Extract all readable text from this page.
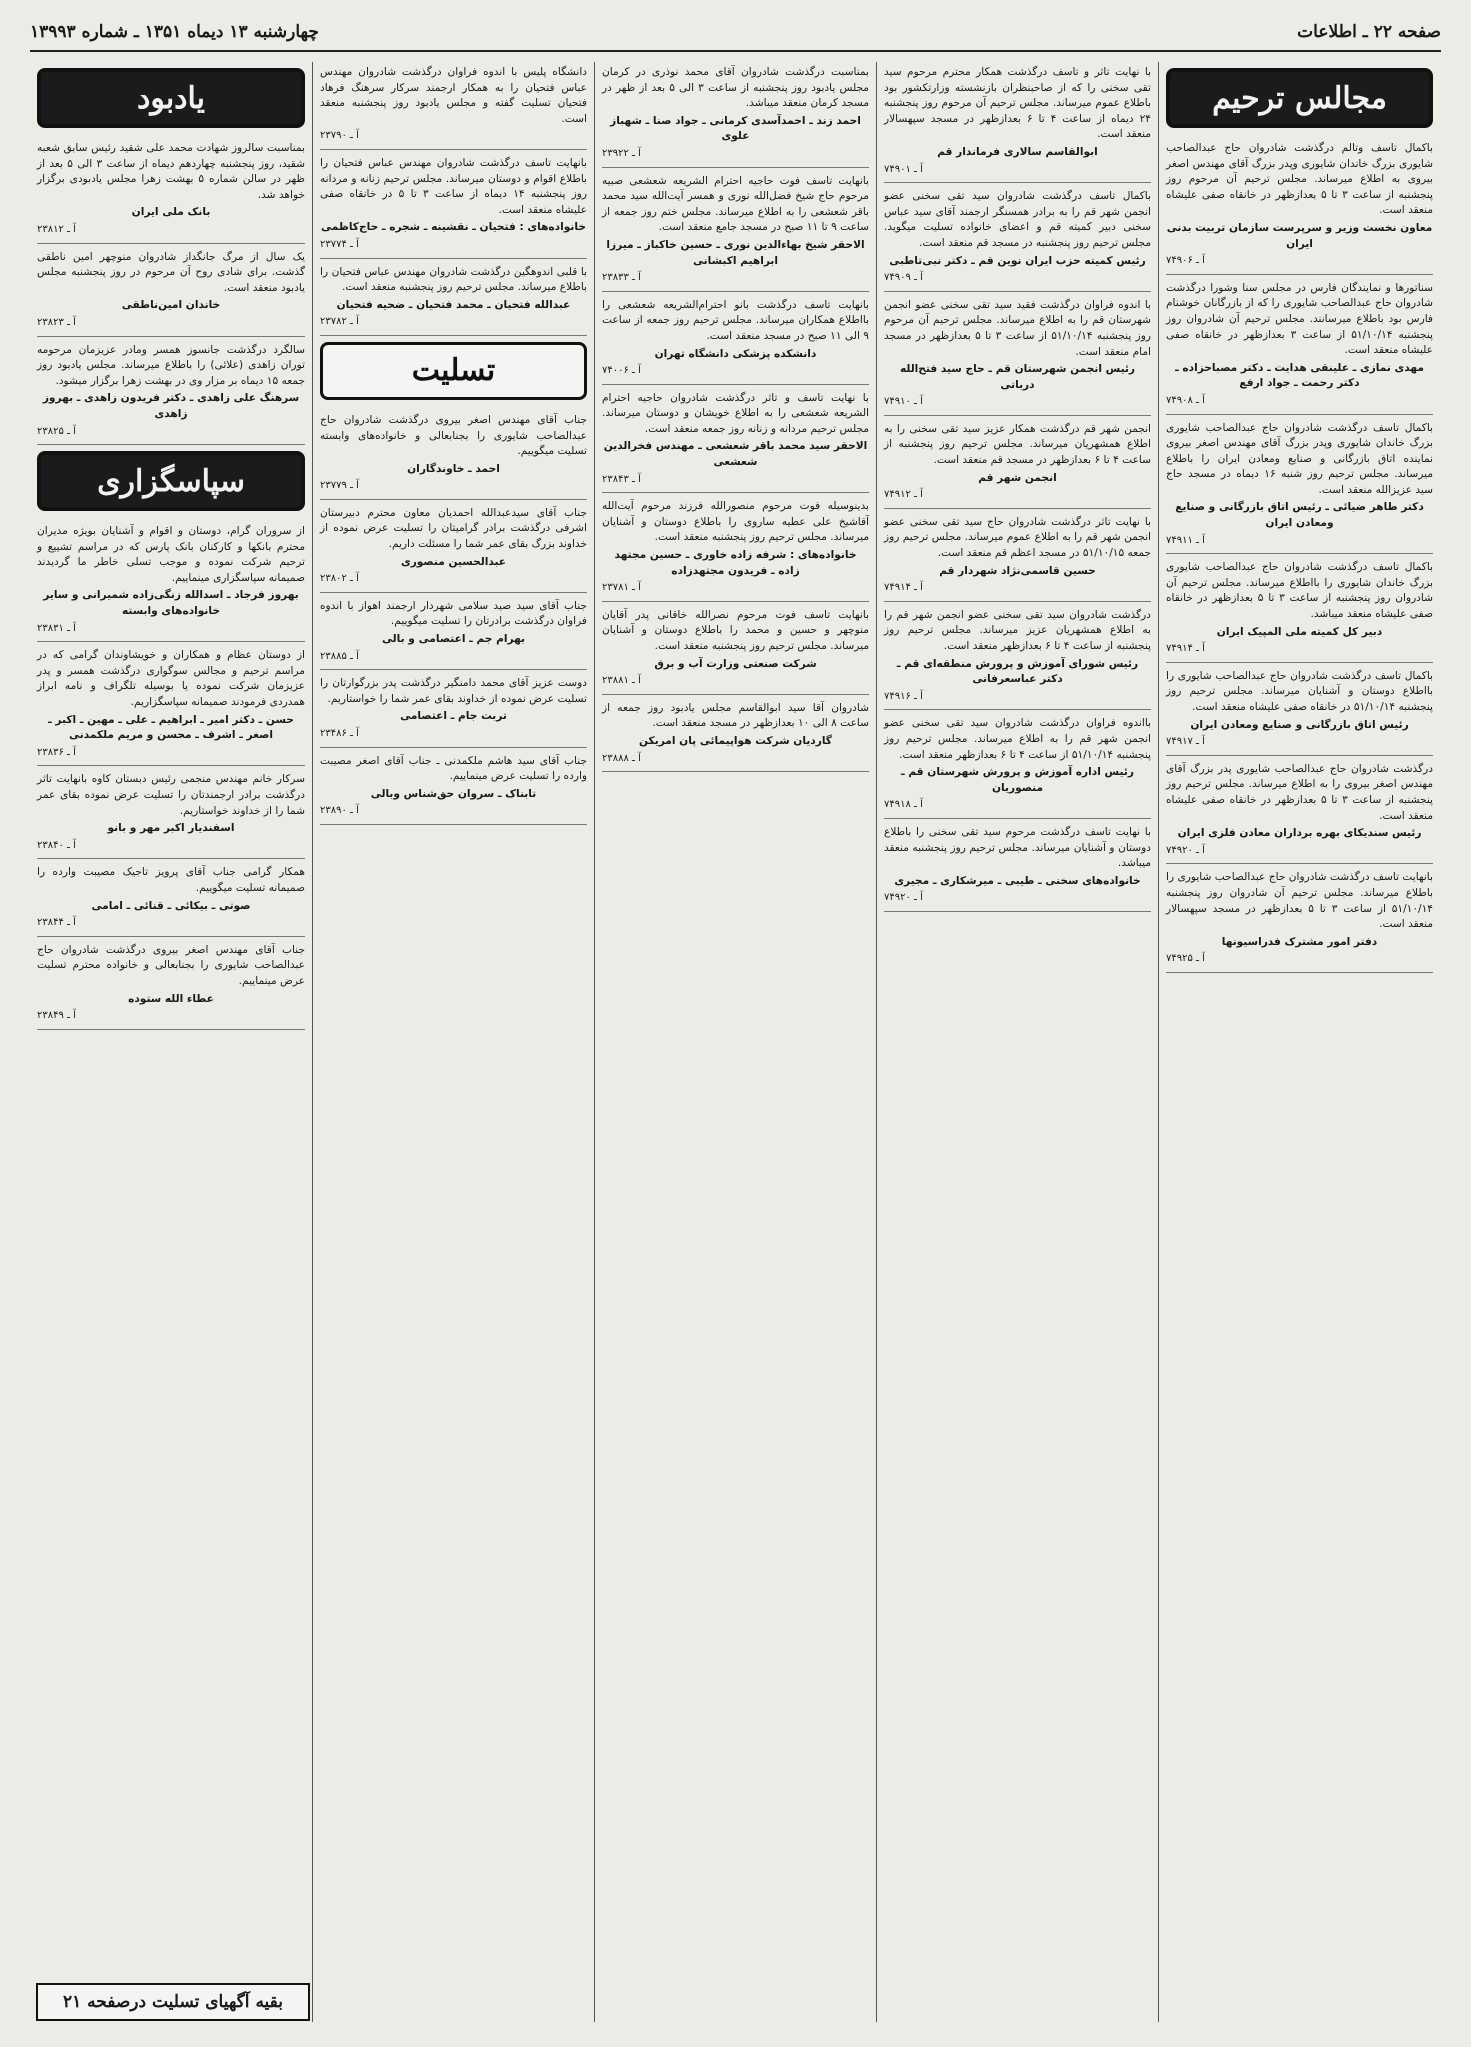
صفحه ۲۲ ـ اطلاعات
چهارشنبه ۱۳ دیماه ۱۳۵۱ ـ شماره ۱۳۹۹۳
مجالس ترحیم
باکمال تاسف وتالم درگذشت شادروان حاج عبدالصاحب شایوری بزرگ خاندان شایوری وپدر بزرگ آقای مهندس اصغر بیروی به اطلاع میرساند. مجلس ترحیم آن مرحوم روز پنجشنبه از ساعت ۳ تا ۵ بعدازظهر در خانقاه صفی علیشاه منعقد است.
معاون نخست وزیر و سرپرست سازمان تربیت بدنی ایران
آ ـ ۷۴۹۰۶
سناتورها و نمایندگان فارس در مجلس سنا وشورا درگذشت شادروان حاج عبدالصاحب شایوری را که از بازرگانان خوشنام فارس بود باطلاع میرسانند. مجلس ترحیم آن شادروان روز پنجشنبه ۵۱/۱۰/۱۴ از ساعت ۳ بعدازظهر در خانقاه صفی علیشاه منعقد است.
مهدی نمازی ـ علینقی هدایت ـ دکتر مصباحزاده ـ دکتر رحمت ـ جواد ارفع
آ ـ ۷۴۹۰۸
باکمال تاسف درگذشت شادروان حاج عبدالصاحب شایوری بزرگ خاندان شایوری وپدر بزرگ آقای مهندس اصغر بیروی نماینده اتاق بازرگانی و صنایع ومعادن ایران را باطلاع میرساند. مجلس ترحیم روز شنبه ۱۶ دیماه در مسجد حاج سید عزیزالله منعقد است.
دکتر طاهر ضیائی ـ رئیس اتاق بازرگانی و صنایع ومعادن ایران
آ ـ ۷۴۹۱۱
باکمال تاسف درگذشت شادروان حاج عبدالصاحب شایوری بزرگ خاندان شایوری را بااطلاع میرساند. مجلس ترحیم آن شادروان روز پنجشنبه از ساعت ۳ تا ۵ بعدازظهر در خانقاه صفی علیشاه منعقد میباشد.
دبیر کل کمیته ملی المپیک ایران
آ ـ ۷۴۹۱۴
باکمال تاسف درگذشت شادروان حاج عبدالصاحب شایوری را بااطلاع دوستان و آشنایان میرساند. مجلس ترحیم روز پنجشنبه ۵۱/۱۰/۱۴ در خانقاه صفی علیشاه منعقد است.
رئیس اتاق بازرگانی و صنایع ومعادن ایران
آ ـ ۷۴۹۱۷
درگذشت شادروان حاج عبدالصاحب شایوری پدر بزرگ آقای مهندس اصغر بیروی را به اطلاع میرساند. مجلس ترحیم روز پنجشنبه از ساعت ۳ تا ۵ بعدازظهر در خانقاه صفی علیشاه منعقد است.
رئیس سندیکای بهره برداران معادن فلزی ایران
آ ـ ۷۴۹۲۰
بانهایت تاسف درگذشت شادروان حاج عبدالصاحب شایوری را باطلاع میرساند. مجلس ترحیم آن شادروان روز پنجشنبه ۵۱/۱۰/۱۴ از ساعت ۳ تا ۵ بعدازظهر در مسجد سپهسالار منعقد است.
دفتر امور مشترک فدراسیونها
آ ـ ۷۴۹۲۵
با نهایت تاثر و تاسف درگذشت همکار محترم مرحوم سید تقی سخنی را که از صاحبنظران بازنشسته وزارتکشور بود باطلاع عموم میرساند. مجلس ترحیم آن مرحوم روز پنجشنبه ۲۴ دیماه از ساعت ۴ تا ۶ بعدازظهر در مسجد سپهسالار منعقد است.
ابوالقاسم سالاری فرماندار قم
آ ـ ۷۴۹۰۱
باکمال تاسف درگذشت شادروان سید تقی سخنی عضو انجمن شهر قم را به برادر همسنگر ارجمند آقای سید عباس سخنی دبیر کمیته قم و اعضای خانواده تسلیت میگوید. مجلس ترحیم روز پنجشنبه در مسجد قم منعقد است.
رئیس کمیته حزب ایران نوین قم ـ دکتر نبی‌تاطبی
آ ـ ۷۴۹۰۹
با اندوه فراوان درگذشت فقید سید تقی سخنی عضو انجمن شهرستان قم را به اطلاع میرساند. مجلس ترحیم آن مرحوم روز پنجشنبه ۵۱/۱۰/۱۴ از ساعت ۳ تا ۵ بعدازظهر در مسجد امام منعقد است.
رئیس انجمن شهرستان قم ـ حاج سید فتح‌الله درباتی
آ ـ ۷۴۹۱۰
انجمن شهر قم درگذشت همکار عزیز سید تقی سخنی را به اطلاع همشهریان میرساند. مجلس ترحیم روز پنجشنبه از ساعت ۴ تا ۶ بعدازظهر در مسجد قم منعقد است.
انجمن شهر قم
آ ـ ۷۴۹۱۲
با نهایت تاثر درگذشت شادروان حاج سید تقی سخنی عضو انجمن شهر قم را به اطلاع عموم میرساند. مجلس ترحیم روز جمعه ۵۱/۱۰/۱۵ در مسجد اعظم قم منعقد است.
حسین قاسمی‌نژاد شهردار قم
آ ـ ۷۴۹۱۴
درگذشت شادروان سید تقی سخنی عضو انجمن شهر قم را به اطلاع همشهریان عزیز میرساند. مجلس ترحیم روز پنجشنبه از ساعت ۴ تا ۶ بعدازظهر منعقد است.
رئیس شورای آموزش و پرورش منطقه‌ای قم ـ دکتر عباسعرفانی
آ ـ ۷۴۹۱۶
بااندوه فراوان درگذشت شادروان سید تقی سخنی عضو انجمن شهر قم را به اطلاع میرساند. مجلس ترحیم روز پنجشنبه ۵۱/۱۰/۱۴ از ساعت ۴ تا ۶ بعدازظهر منعقد است.
رئیس اداره آموزش و پرورش شهرستان قم ـ منصوریان
آ ـ ۷۴۹۱۸
با نهایت تاسف درگذشت مرحوم سید تقی سخنی را باطلاع دوستان و آشنایان میرساند. مجلس ترحیم روز پنجشنبه منعقد میباشد.
خانواده‌های سخنی ـ طیبی ـ میرشکاری ـ مجیری
آ ـ ۷۴۹۲۰
بمناسبت درگذشت شادروان آقای محمد نوذری در کرمان مجلس یادبود روز پنجشنبه از ساعت ۳ الی ۵ بعد از ظهر در مسجد کرمان منعقد میباشد.
احمد زند ـ احمدآسدی کرمانی ـ جواد صنا ـ شهباز علوی
آ ـ ۲۳۹۲۲
بانهایت تاسف فوت حاجیه احترام الشریعه شعشعی صبیه مرحوم حاج شیخ فضل‌الله نوری و همسر آیت‌الله سید محمد باقر شعشعی را به اطلاع میرساند. مجلس ختم روز جمعه از ساعت ۹ تا ۱۱ صبح در مسجد جامع منعقد است.
الاحقر شیخ بهاءالدین نوری ـ حسین خاکباز ـ میرزا ابراهیم اکبشانی
آ ـ ۲۳۸۳۳
بانهایت تاسف درگذشت بانو احترام‌الشریعه شعشعی را بااطلاع همکاران میرساند. مجلس ترحیم روز جمعه از ساعت ۹ الی ۱۱ صبح در مسجد منعقد است.
دانشکده پزشکی دانشگاه تهران
آ ـ ۷۴۰۰۶
با نهایت تاسف و تاثر درگذشت شادروان حاجیه احترام الشریعه شعشعی را به اطلاع خویشان و دوستان میرساند. مجلس ترحیم مردانه و زنانه روز جمعه منعقد است.
الاحقر سید محمد باقر شعشعی ـ مهندس فخرالدین شعشعی
آ ـ ۲۳۸۴۳
بدینوسیله فوت مرحوم منصورالله فرزند مرحوم آیت‌الله آقاشیخ علی عطیه ساروی را باطلاع دوستان و آشنایان میرساند. مجلس ترحیم روز پنجشنبه منعقد است.
خانواده‌های : شرفه زاده خاوری ـ حسین مجتهد زاده ـ فریدون مجتهدزاده
آ ـ ۲۳۷۸۱
بانهایت تاسف فوت مرحوم نصرالله خاقانی پدر آقایان منوچهر و حسین و محمد را باطلاع دوستان و آشنایان میرساند. مجلس ترحیم روز پنجشنبه منعقد است.
شرکت صنعتی وزارت آب و برق
آ ـ ۲۳۸۸۱
شادروان آقا سید ابوالقاسم مجلس یادبود روز جمعه از ساعت ۸ الی ۱۰ بعدازظهر در مسجد منعقد است.
گاردیان شرکت هواپیمائی پان امریکن
آ ـ ۲۳۸۸۸
دانشگاه پلیس با اندوه فراوان درگذشت شادروان مهندس عباس فتحیان را به همکار ارجمند سرکار سرهنگ فرهاد فتحیان تسلیت گفته و مجلس یادبود روز پنجشنبه منعقد است.
آ ـ ۲۳۷۹۰
بانهایت تاسف درگذشت شادروان مهندس عباس فتحیان را باطلاع اقوام و دوستان میرساند. مجلس ترحیم زنانه و مردانه روز پنجشنبه ۱۴ دیماه از ساعت ۳ تا ۵ در خانقاه صفی علیشاه منعقد است.
خانواده‌های : فتحیان ـ نقشینه ـ شجره ـ حاج‌کاظمی
آ ـ ۲۳۷۷۴
با قلبی اندوهگین درگذشت شادروان مهندس عباس فتحیان را باطلاع میرساند. مجلس ترحیم روز پنجشنبه منعقد است.
عبدالله فتحیان ـ محمد فتحیان ـ ضحیه فتحیان
آ ـ ۲۳۷۸۲
تسلیت
جناب آقای مهندس اصغر بیروی درگذشت شادروان حاج عبدالصاحب شایوری را بجنابعالی و خانواده‌های وابسته تسلیت میگوییم.
احمد ـ خاوندگاران
آ ـ ۲۳۷۷۹
جناب آقای سیدعبدالله احمدیان معاون محترم دبیرستان اشرفی درگذشت برادر گرامیتان را تسلیت عرض نموده از خداوند بزرگ بقای عمر شما را مسئلت داریم.
عبدالحسین منصوری
آ ـ ۲۳۸۰۲
جناب آقای سید صید سلامی شهردار ارجمند اهواز با اندوه فراوان درگذشت برادرتان را تسلیت میگوییم.
بهرام جم ـ اعتصامی و بالی
آ ـ ۲۳۸۸۵
دوست عزیز آقای محمد دامنگیر درگذشت پدر بزرگوارتان را تسلیت عرض نموده از خداوند بقای عمر شما را خواستاریم.
تربت جام ـ اعتصامی
آ ـ ۲۳۴۸۶
جناب آقای سید هاشم ملکمدنی ـ جناب آقای اصغر مصیبت وارده را تسلیت عرض مینماییم.
تابناک ـ سروان حق‌شناس وبالی
آ ـ ۲۳۸۹۰
یادبود
بمناسبت سالروز شهادت محمد علی شقید رئیس سابق شعبه شقید، روز پنجشنبه چهاردهم دیماه از ساعت ۳ الی ۵ بعد از ظهر در سالن شماره ۵ بهشت زهرا مجلس یادبودی برگزار خواهد شد.
بانک ملی ایران
آ ـ ۲۳۸۱۲
یک سال از مرگ جانگداز شادروان منوچهر امین ناطقی گذشت. برای شادی روح آن مرحوم در روز پنجشنبه مجلس یادبود منعقد است.
خاندان امین‌ناطقی
آ ـ ۲۳۸۲۳
سالگرد درگذشت جانسوز همسر ومادر عزیزمان مرحومه توران زاهدی (علائی) را باطلاع میرساند. مجلس یادبود روز جمعه ۱۵ دیماه بر مزار وی در بهشت زهرا برگزار میشود.
سرهنگ علی زاهدی ـ دکتر فریدون زاهدی ـ بهروز زاهدی
آ ـ ۲۳۸۲۵
سپاسگزاری
از سروران گرام، دوستان و اقوام و آشنایان بویژه مدیران محترم بانکها و کارکنان بانک پارس که در مراسم تشییع و ترحیم شرکت نموده و موجب تسلی خاطر ما گردیدند صمیمانه سپاسگزاری مینماییم.
بهروز فرجاد ـ اسدالله زنگی‌زاده شمیرانی و سایر خانواده‌های وابسته
آ ـ ۲۳۸۳۱
از دوستان عظام و همکاران و خویشاوندان گرامی که در مراسم ترحیم و مجالس سوگواری درگذشت همسر و پدر عزیزمان شرکت نموده یا بوسیله تلگراف و نامه ابراز همدردی فرمودند صمیمانه سپاسگزاریم.
حسن ـ دکتر امیر ـ ابراهیم ـ علی ـ مهین ـ اکبر ـ اصغر ـ اشرف ـ محسن و مریم ملکمدنی
آ ـ ۲۳۸۳۶
سرکار خانم مهندس منجمی رئیس دبستان کاوه بانهایت تاثر درگذشت برادر ارجمندتان را تسلیت عرض نموده بقای عمر شما را از خداوند خواستاریم.
اسفندیار اکبر مهر و بانو
آ ـ ۲۳۸۴۰
همکار گرامی جناب آقای پرویز تاجیک مصیبت وارده را صمیمانه تسلیت میگوییم.
صوتی ـ بیکائی ـ قنائی ـ امامی
آ ـ ۲۳۸۴۴
جناب آقای مهندس اصغر بیروی درگذشت شادروان حاج عبدالصاحب شایوری را بجنابعالی و خانواده محترم تسلیت عرض مینماییم.
عطاء الله ستوده
آ ـ ۲۳۸۴۹
بقیه آگهیای تسلیت درصفحه ۲۱
